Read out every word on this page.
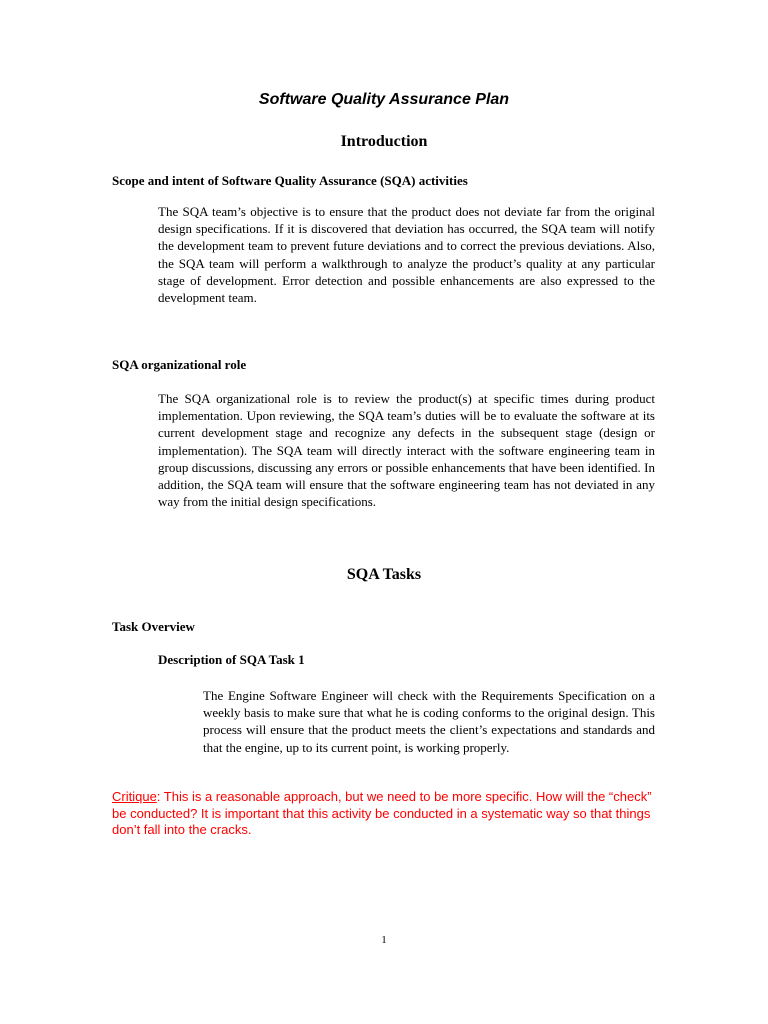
Software Quality Assurance Plan
Introduction
Scope and intent of Software Quality Assurance (SQA) activities

The SQA team’s objective is to ensure that the product does not deviate far from the original design specifications. If it is discovered that deviation has occurred, the SQA team will notify the development team to prevent future deviations and to correct the previous deviations. Also, the SQA team will perform a walkthrough to analyze the product’s quality at any particular stage of development. Error detection and possible enhancements are also expressed to the development team.

SQA organizational role

The SQA organizational role is to review the product(s) at specific times during product implementation. Upon reviewing, the SQA team’s duties will be to evaluate the software at its current development stage and recognize any defects in the subsequent stage (design or implementation). The SQA team will directly interact with the software engineering team in group discussions, discussing any errors or possible enhancements that have been identified. In addition, the SQA team will ensure that the software engineering team has not deviated in any way from the initial design specifications.

SQA Tasks
Task Overview
Description of SQA Task 1

The Engine Software Engineer will check with the Requirements Specification on a weekly basis to make sure that what he is coding conforms to the original design. This process will ensure that the product meets the client’s expectations and standards and that the engine, up to its current point, is working properly.

Critique: This is a reasonable approach, but we need to be more specific. How will the “check” be conducted? It is important that this activity be conducted in a systematic way so that things don’t fall into the cracks.

1
